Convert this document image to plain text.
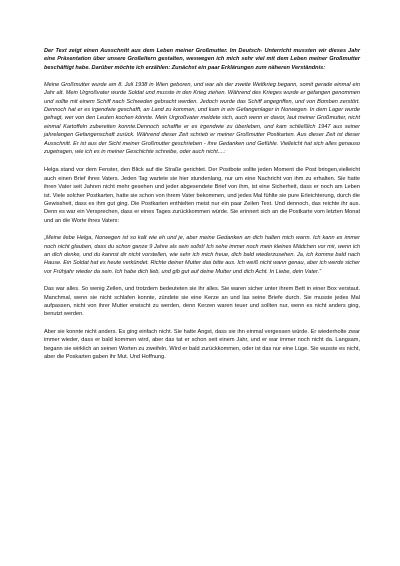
Der Text zeigt einen Ausschnitt aus dem Leben meiner Großmutter. Im Deutsch- Unterricht mussten wir dieses Jahr eine Präsentation über unsere Großeltern gestalten, weswegen ich mich sehr viel mit dem Leben meiner Großmutter beschäftigt habe. Darüber möchte ich erzählen: Zunächst ein paar Erklärungen zum näheren Verständnis:

Meine Großmutter wurde am 8. Juli 1938 in Wien geboren, und war als der zweite Weltkrieg begann, somit gerade einmal ein Jahr alt. Mein Urgroßvater wurde Soldat und musste in den Krieg ziehen. Während des Krieges wurde er gefangen genommen und sollte mit einem Schiff nach Schweden gebracht werden. Jedoch wurde das Schiff angegriffen, und von Bomben zerstört. Dennoch hat er es irgendwie geschafft, an Land zu kommen, und kam in ein Gefangenlager in Norwegen. In dem Lager wurde gefragt, wer von den Leuten kochen könnte. Mein Urgroßvater meldete sich, auch wenn er davor, laut meiner Großmutter, nicht einmal Kartoffeln zubereiten konnte.Dennoch schaffte er es irgendwie zu überleben, und kam schließlich 1947 aus seiner jahrelangen Gefangenschaft zurück. Während dieser Zeit schrieb er meiner Großmutter Postkarten. Aus dieser Zeit ist dieser Ausschnitt. Er ist aus der Sicht meiner Großmutter geschrieben - ihre Gedanken und Gefühle. Vielleicht hat sich alles genauso zugetragen, wie ich es in meiner Geschichte schreibe, oder auch nicht....:

Helga stand vor dem Fenster, den Blick auf die Straße gerichtet. Der Postbote sollte jeden Moment die Post bringen,vielleicht auch einen Brief ihres Vaters. Jeden Tag wartete sie hier stundenlang, nur um eine Nachricht von ihm zu erhalten. Sie hatte ihren Vater seit Jahren nicht mehr gesehen und jeder abgesendete Brief von ihm, ist eine Sicherheit, dass er noch am Leben ist. Viele solcher Postkarten, hatte sie schon von ihrem Vater bekommen, und jedes Mal fühlte sie pure Erleichterung, durch die Gewissheit, dass es ihm gut ging. Die Postkarten enthielten meist nur ein paar Zeilen Text. Und dennoch, das reichte ihr aus. Denn es war ein Versprechen, dass er eines Tages zurückkommen würde. Sie erinnert sich an die Postkarte vom letzten Monat und an die Worte ihres Vaters:

„Meine liebe Helga, Norwegen ist so kalt wie eh und je, aber meine Gedanken an dich halten mich warm. Ich kann es immer noch nicht glauben, dass du schon ganze 9 Jahre als sein sollst! Ich sehe immer noch mein kleines Mädchen vor mir, wenn ich an dich denke, und du kannst dir nicht vorstellen, wie sehr ich mich freue, dich bald wiederzusehen. Ja, ich komme bald nach Hause. Ein Soldat hat es heute verkündet. Richte deiner Mutter das bitte aus. Ich weiß nicht wann genau, aber ich werde sicher vor Frühjahr wieder da sein. Ich habe dich lieb, und gib gut auf deine Mutter und dich Acht. In Liebe, dein Vater.“

Das war alles. So wenig Zeilen, und trotzdem bedeuteten sie ihr alles. Sie waren sicher unter ihrem Bett in einer Box verstaut. Manchmal, wenn sie nicht schlafen konnte, zündete sie eine Kerze an und las seine Briefe durch. Sie musste jedes Mal aufpassen, nicht von ihrer Mutter erwischt zu werden, denn Kerzen waren teuer und sollten nur, wenn es nicht anders ging, benutzt werden.

Aber sie konnte nicht anders. Es ging einfach nicht. Sie hatte Angst, dass sie ihn einmal vergessen würde. Er wiederholte zwar immer wieder, dass er bald kommen wird, aber das tat er schon seit einem Jahr, und er war immer noch nicht da. Langsam, begann sie wirklich an seinen Worten zu zweifeln. Wird er bald zurückkommen, oder ist das nur eine Lüge. Sie wusste es nicht, aber die Poskarten gaben ihr Mut. Und Hoffnung.
